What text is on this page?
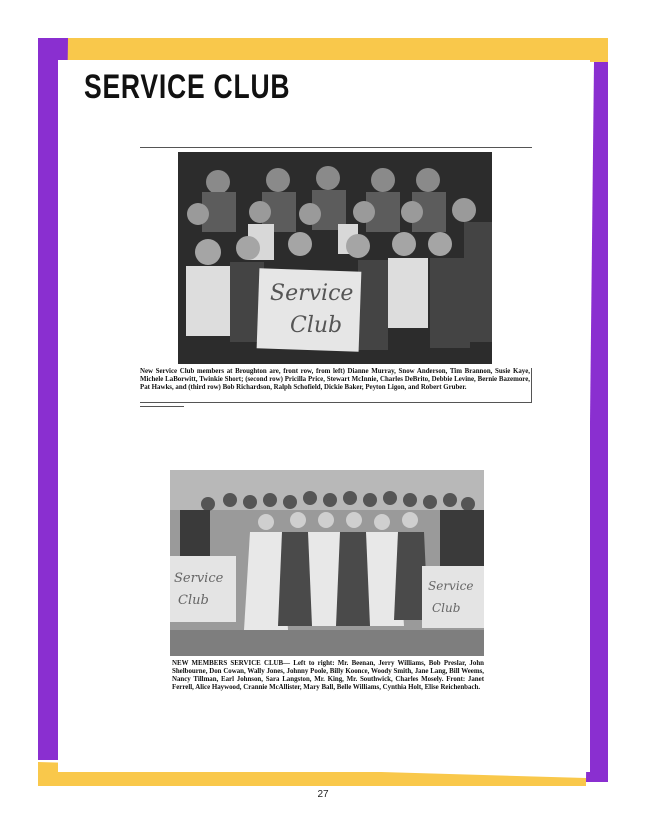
SERVICE CLUB
Service
Club

New Service Club members at Broughton are, front row, from left) Dianne Murray, Snow Anderson, Tim Brannon, Susie Kaye, Michele LaBorwitt, Twinkie Short; (second row) Pricilla Price, Stewart McInnie, Charles DeBrito, Debbie Levine, Bernie Bazemore, Pat Hawks, and (third row) Bob Richardson, Ralph Schofield, Dickie Baker, Peyton Ligon, and Robert Gruber.

Service
Club
Service
Club

NEW MEMBERS SERVICE CLUB— Left to right: Mr. Beenan, Jerry Williams, Bob Preslar, John Shelbourne, Don Cowan, Wally Jones, Johnny Poole, Billy Koonce, Woody Smith, Jane Lang, Bill Weems, Nancy Tillman, Earl Johnson, Sara Langston, Mr. King, Mr. Southwick, Charles Mosely. Front: Janet Ferrell, Alice Haywood, Crannie McAllister, Mary Ball, Belle Williams, Cynthia Holt, Elise Reichenbach.

27
